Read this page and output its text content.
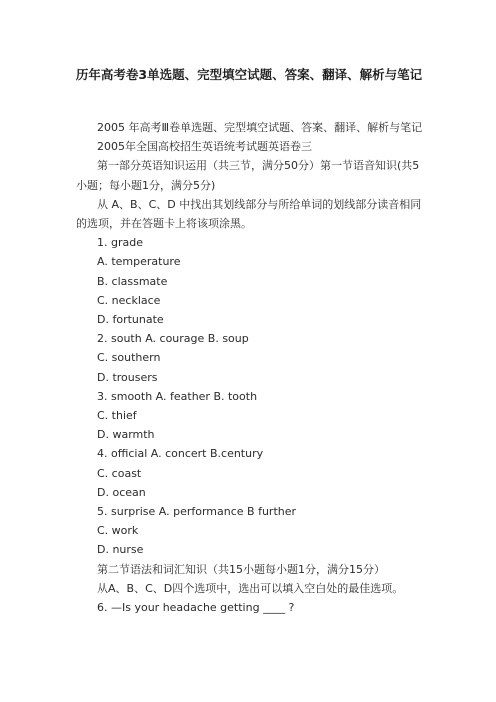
历年高考卷3单选题、完型填空试题、答案、翻译、解析与笔记

2005 年高考Ⅲ卷单选题、完型填空试题、答案、翻译、解析与笔记

2005年全国高校招生英语统考试题英语卷三

第一部分英语知识运用（共三节，满分50分）第一节语音知识(共5小题；每小题1分，满分5分)

从 A、B、C、D 中找出其划线部分与所给单词的划线部分读音相同的选项，并在答题卡上将该项涂黑。

1. grade

A. temperature

B. classmate

C. necklace

D. fortunate

2. south A. courage B. soup

C. southern

D. trousers

3. smooth A. feather B. tooth

C. thief

D. warmth

4. official A. concert B.century

C. coast

D. ocean

5. surprise A. performance B further

C. work

D. nurse

第二节语法和词汇知识（共15小题每小题1分，满分15分）

从A、B、C、D四个选项中，选出可以填入空白处的最佳选项。

6. —Is your headache getting ____ ?
